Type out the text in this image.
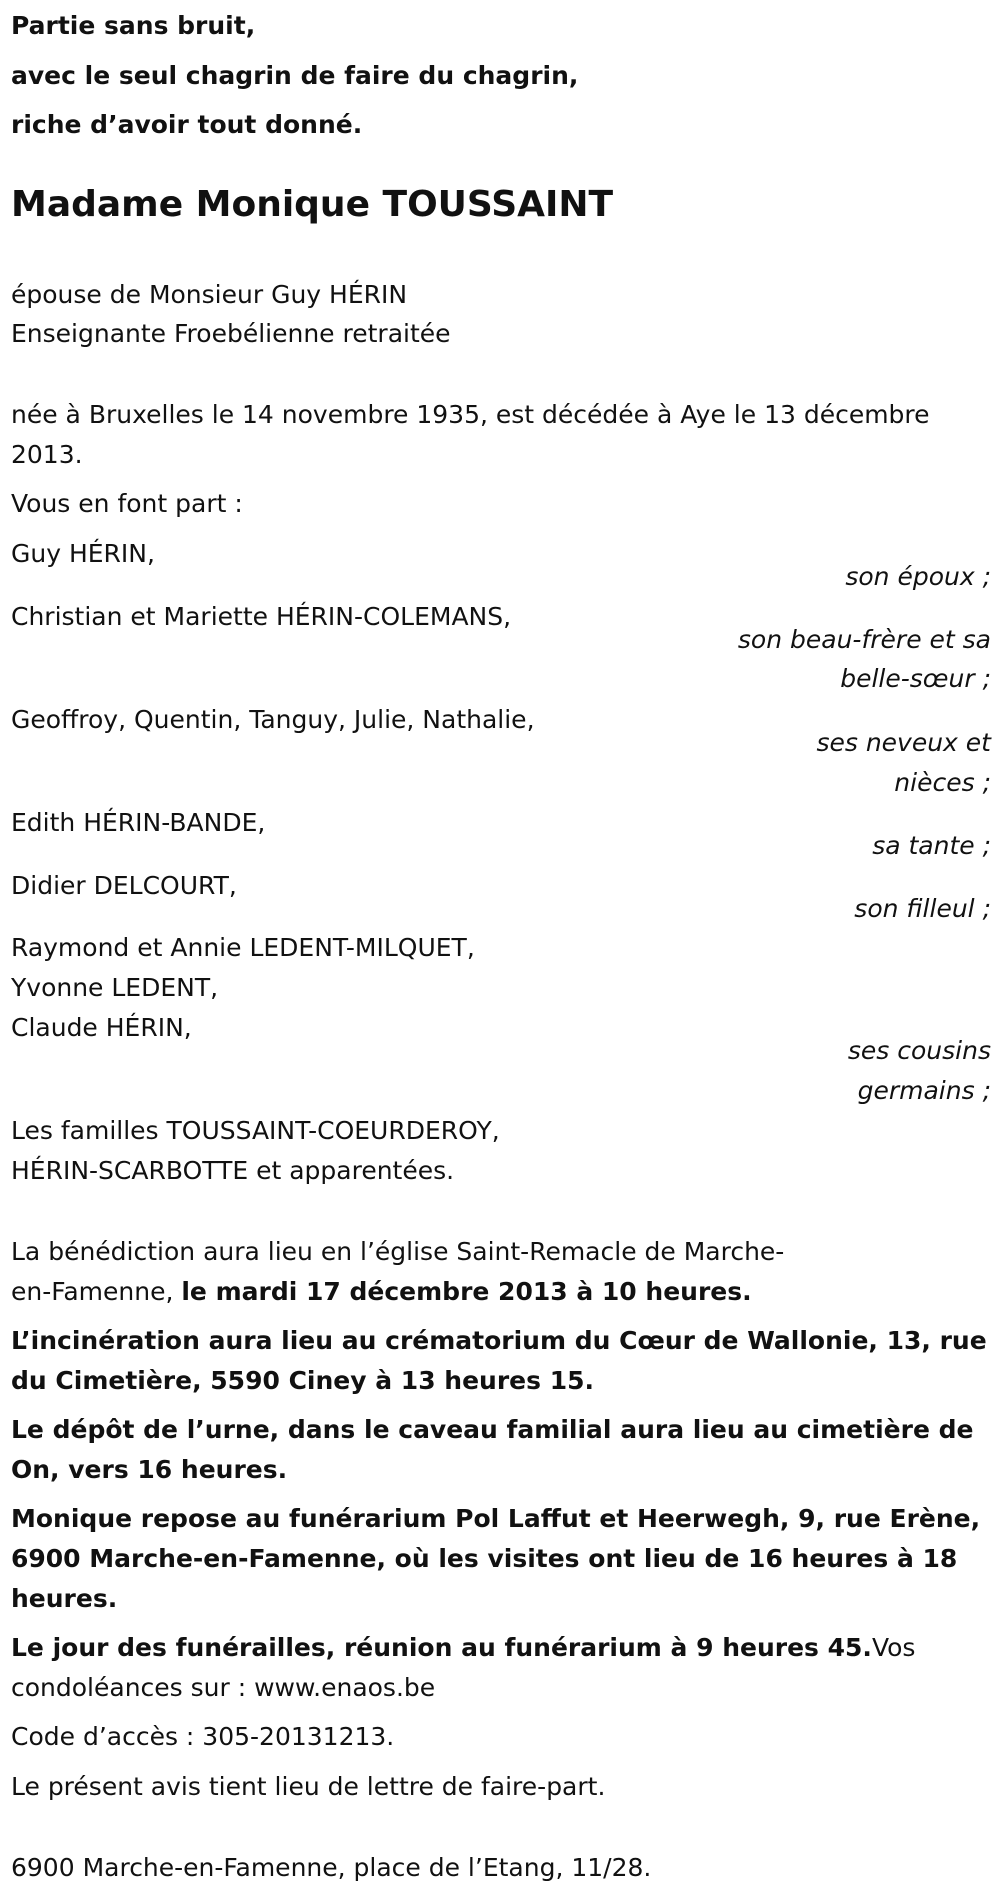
Partie sans bruit,
avec le seul chagrin de faire du chagrin,
riche d’avoir tout donné.
Madame Monique TOUSSAINT
épouse de Monsieur Guy HÉRIN
Enseignante Froebélienne retraitée
née à Bruxelles le 14 novembre 1935, est décédée à Aye le 13 décembre
2013.
Vous en font part :
Guy HÉRIN,
son époux ;
Christian et Mariette HÉRIN-COLEMANS,
son beau-frère et sa
belle-sœur ;
Geoffroy, Quentin, Tanguy, Julie, Nathalie,
ses neveux et
nièces ;
Edith HÉRIN-BANDE,
sa tante ;
Didier DELCOURT,
son filleul ;
Raymond et Annie LEDENT-MILQUET,
Yvonne LEDENT,
Claude HÉRIN,
ses cousins
germains ;
Les familles TOUSSAINT-COEURDEROY,
HÉRIN-SCARBOTTE et apparentées.
La bénédiction aura lieu en l’église Saint-Remacle de Marche-
en-Famenne, le mardi 17 décembre 2013 à 10 heures.
L’incinération aura lieu au crématorium du Cœur de Wallonie, 13, rue
du Cimetière, 5590 Ciney à 13 heures 15.
Le dépôt de l’urne, dans le caveau familial aura lieu au cimetière de
On, vers 16 heures.
Monique repose au funérarium Pol Laffut et Heerwegh, 9, rue Erène,
6900 Marche-en-Famenne, où les visites ont lieu de 16 heures à 18
heures.
Le jour des funérailles, réunion au funérarium à 9 heures 45.Vos
condoléances sur : www.enaos.be
Code d’accès : 305-20131213.
Le présent avis tient lieu de lettre de faire-part.
6900 Marche-en-Famenne, place de l’Etang, 11/28.
